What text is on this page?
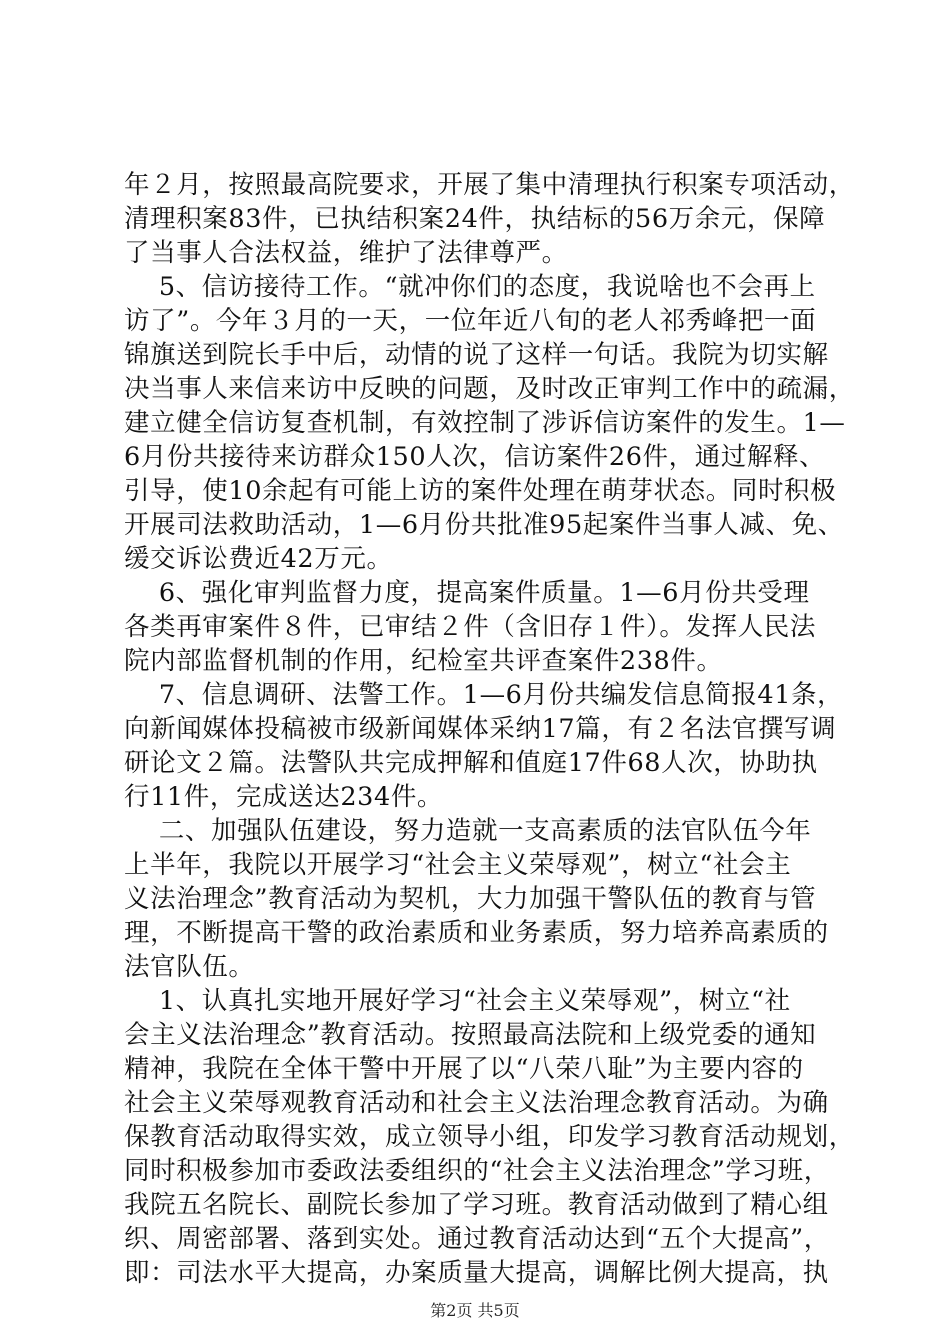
年２月，按照最高院要求，开展了集中清理执行积案专项活动，
清理积案83件，已执结积案24件，执结标的56万余元，保障
了当事人合法权益，维护了法律尊严。
5、信访接待工作。“就冲你们的态度，我说啥也不会再上
访了”。今年３月的一天，一位年近八旬的老人祁秀峰把一面
锦旗送到院长手中后，动情的说了这样一句话。我院为切实解
决当事人来信来访中反映的问题，及时改正审判工作中的疏漏，
建立健全信访复查机制，有效控制了涉诉信访案件的发生。1—
6月份共接待来访群众150人次，信访案件26件，通过解释、
引导，使10余起有可能上访的案件处理在萌芽状态。同时积极
开展司法救助活动，1—6月份共批准95起案件当事人减、免、
缓交诉讼费近42万元。
6、强化审判监督力度，提高案件质量。1—6月份共受理
各类再审案件８件，已审结２件（含旧存１件）。发挥人民法
院内部监督机制的作用，纪检室共评查案件238件。
7、信息调研、法警工作。1—6月份共编发信息简报41条，
向新闻媒体投稿被市级新闻媒体采纳17篇，有２名法官撰写调
研论文２篇。法警队共完成押解和值庭17件68人次，协助执
行11件，完成送达234件。
二、加强队伍建设，努力造就一支高素质的法官队伍今年
上半年，我院以开展学习“社会主义荣辱观”，树立“社会主
义法治理念”教育活动为契机，大力加强干警队伍的教育与管
理，不断提高干警的政治素质和业务素质，努力培养高素质的
法官队伍。
1、认真扎实地开展好学习“社会主义荣辱观”，树立“社
会主义法治理念”教育活动。按照最高法院和上级党委的通知
精神，我院在全体干警中开展了以“八荣八耻”为主要内容的
社会主义荣辱观教育活动和社会主义法治理念教育活动。为确
保教育活动取得实效，成立领导小组，印发学习教育活动规划，
同时积极参加市委政法委组织的“社会主义法治理念”学习班，
我院五名院长、副院长参加了学习班。教育活动做到了精心组
织、周密部署、落到实处。通过教育活动达到“五个大提高”，
即：司法水平大提高，办案质量大提高，调解比例大提高，执
第2页 共5页
